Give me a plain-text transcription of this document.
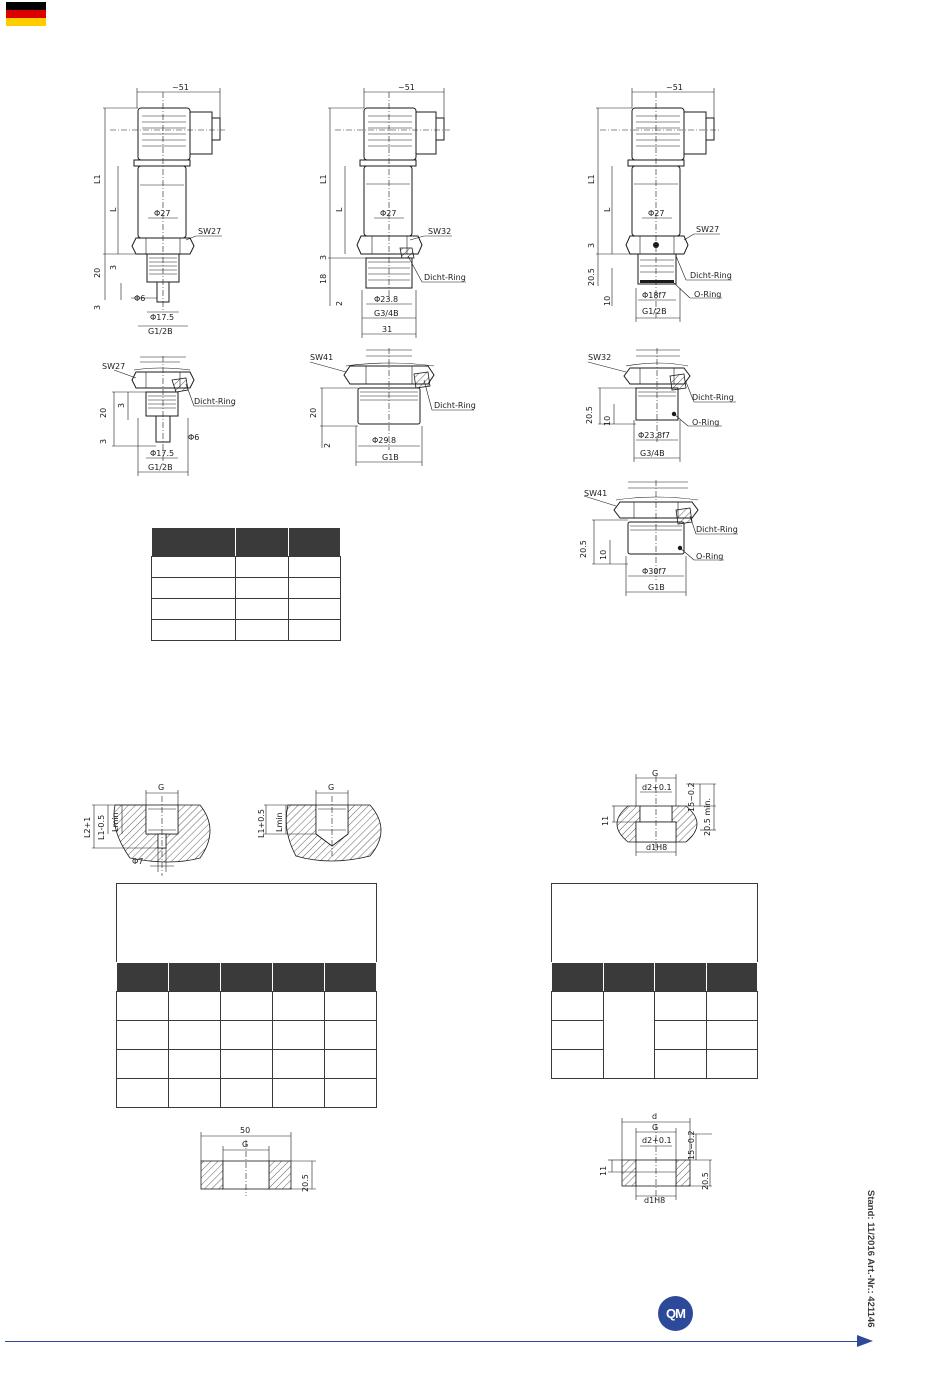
~51
L1
L	Φ27
SW27
20
3
3
Φ6
Φ17.5
G1/2B
~51
L1
L	Φ27
SW32
3
18
2
Dicht-Ring
Φ23.8
G3/4B
31
~51
L1
L	Φ27
SW27
3
20.5
10
Dicht-Ring
O-Ring
Φ18f7
G1/2B
SW27
20
3
3
Dicht-Ring
Φ6
Φ17.5
G1/2B
SW41
20
2
Dicht-Ring
Φ29.8
G1B
SW32
20.5 10
Dicht-Ring
O-Ring
Φ23.8f7
G3/4B
SW41
20.5 10
Dicht-Ring
O-Ring
Φ30f7
G1B
G
L2+1 L1-0.5 Lmin
Φ7
G
L1+0.5 Lmin
G
d2+0.1 15−0.2
20.5 min.
11
d1H8
50
G
20.5
d
G
d2+0.1 15−0.2
20.5
11
d1H8

			Stand: 11/2016 Art.-Nr.: 421146
QM
